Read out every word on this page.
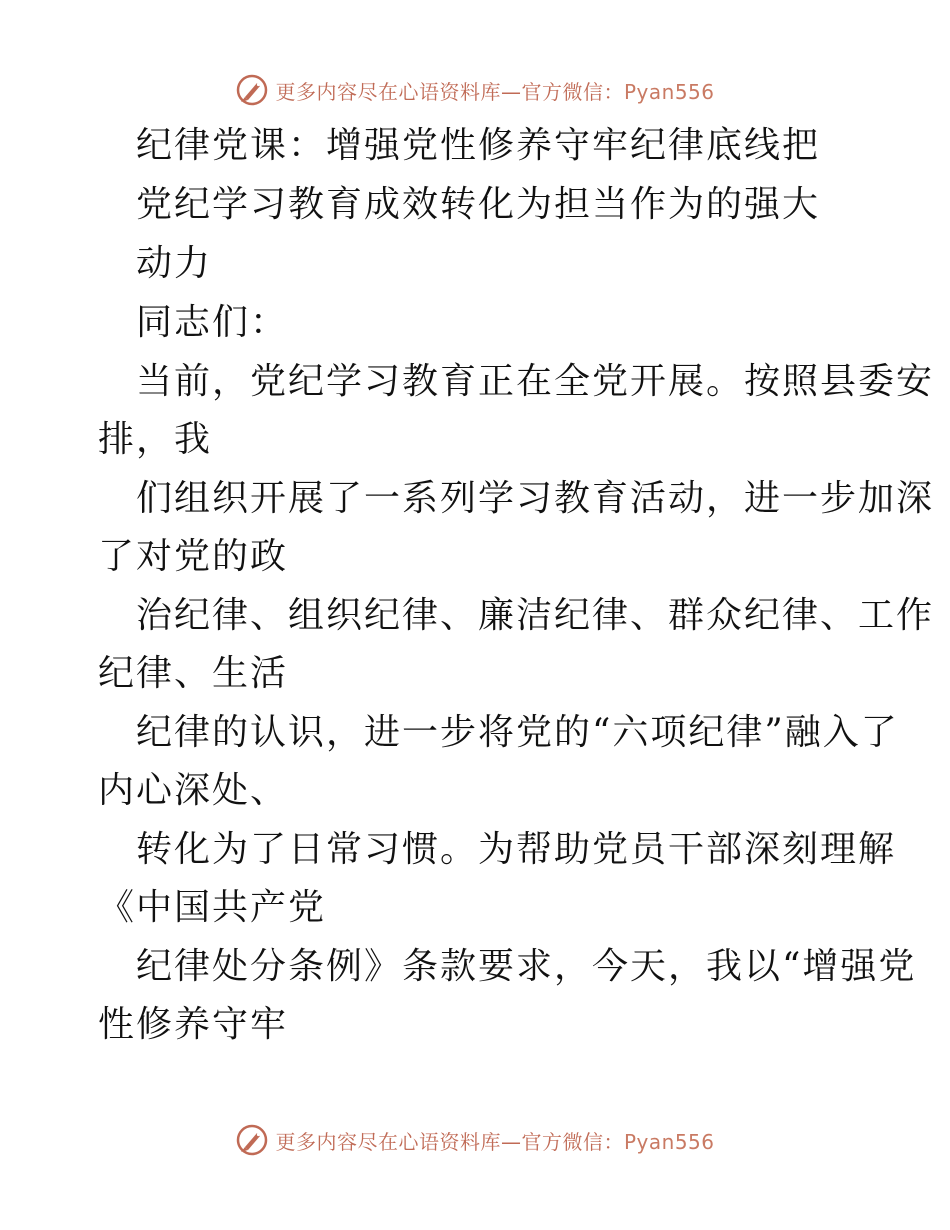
更多内容尽在心语资料库—官方微信：Pyan556
纪律党课：增强党性修养守牢纪律底线把
党纪学习教育成效转化为担当作为的强大
动力
同志们：
当前，党纪学习教育正在全党开展。按照县委安
排，我
们组织开展了一系列学习教育活动，进一步加深
了对党的政
治纪律、组织纪律、廉洁纪律、群众纪律、工作
纪律、生活
纪律的认识，进一步将党的“六项纪律”融入了
内心深处、
转化为了日常习惯。为帮助党员干部深刻理解
《中国共产党
纪律处分条例》条款要求，今天，我以“增强党
性修养守牢
更多内容尽在心语资料库—官方微信：Pyan556
